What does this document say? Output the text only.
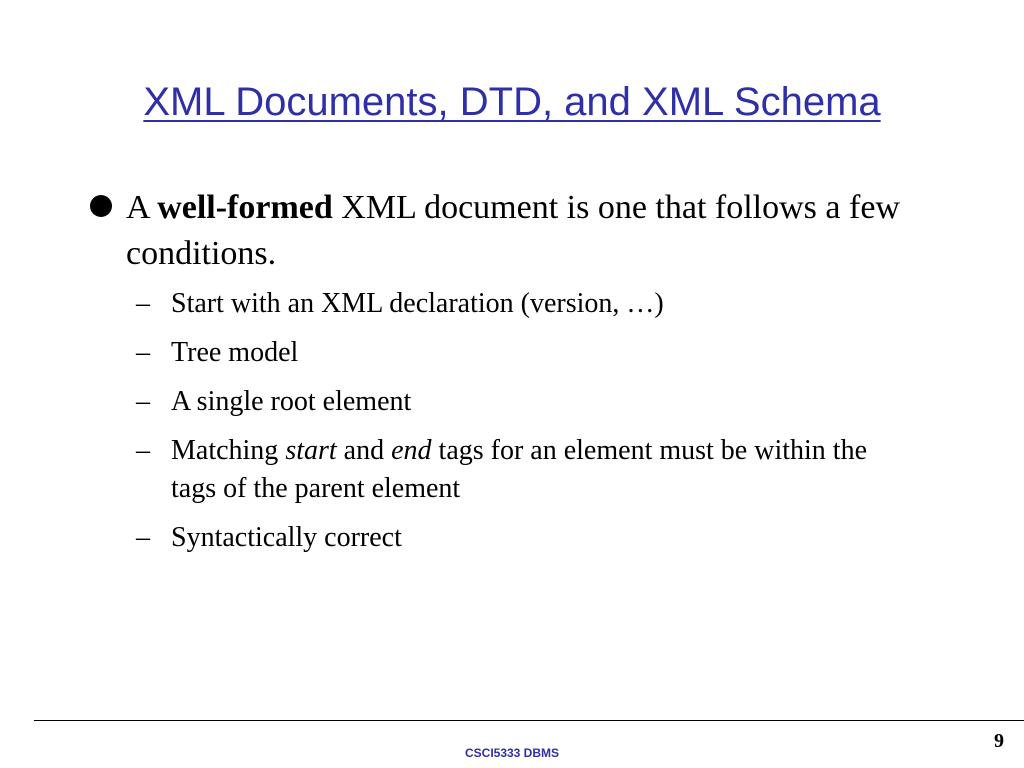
XML Documents, DTD, and XML Schema
A well-formed XML document is one that follows a few conditions.
– Start with an XML declaration (version, …)
– Tree model
– A single root element
– Matching start and end tags for an element must be within the tags of the parent element
– Syntactically correct
9
CSCI5333 DBMS
